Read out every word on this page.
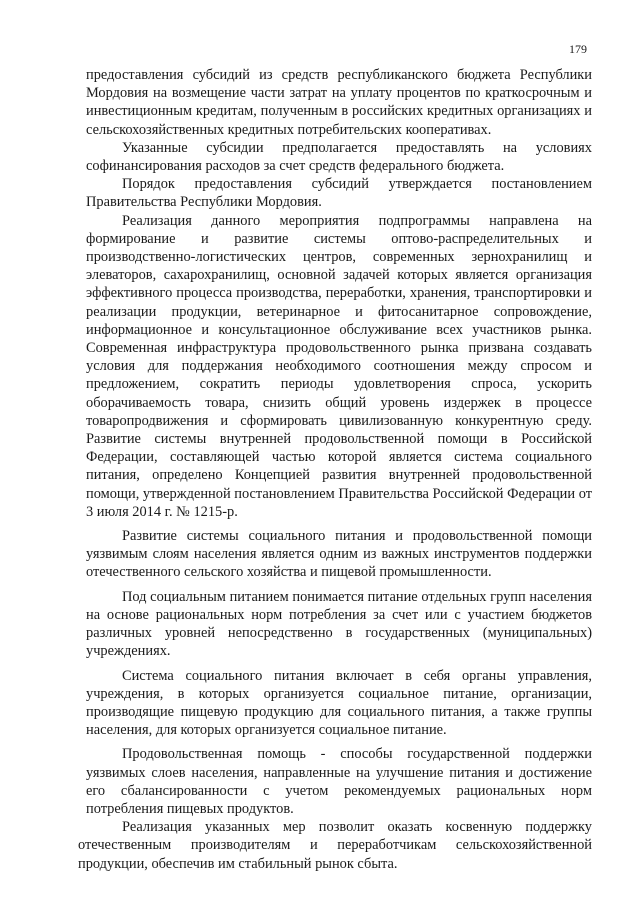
179

предоставления субсидий из средств республиканского бюджета Республики Мордовия на возмещение части затрат на уплату процентов по краткосрочным и инвестиционным кредитам, полученным в российских кредитных организациях и сельскохозяйственных кредитных потребительских кооперативах.

Указанные субсидии предполагается предоставлять на условиях софинансирования расходов за счет средств федерального бюджета.

Порядок предоставления субсидий утверждается постановлением Правительства Республики Мордовия.

Реализация данного мероприятия подпрограммы направлена на формирование и развитие системы оптово-распределительных и производственно-логистических центров, современных зернохранилищ и элеваторов, сахарохранилищ, основной задачей которых является организация эффективного процесса производства, переработки, хранения, транспортировки и реализации продукции, ветеринарное и фитосанитарное сопровождение, информационное и консультационное обслуживание всех участников рынка. Современная инфраструктура продовольственного рынка призвана создавать условия для поддержания необходимого соотношения между спросом и предложением, сократить периоды удовлетворения спроса, ускорить оборачиваемость товара, снизить общий уровень издержек в процессе товаропродвижения и сформировать цивилизованную конкурентную среду. Развитие системы внутренней продовольственной помощи в Российской Федерации, составляющей частью которой является система социального питания, определено Концепцией развития внутренней продовольственной помощи, утвержденной постановлением Правительства Российской Федерации от 3 июля 2014 г. № 1215-р.

Развитие системы социального питания и продовольственной помощи уязвимым слоям населения является одним из важных инструментов поддержки отечественного сельского хозяйства и пищевой промышленности.

Под социальным питанием понимается питание отдельных групп населения на основе рациональных норм потребления за счет или с участием бюджетов различных уровней непосредственно в государственных (муниципальных) учреждениях.

Система социального питания включает в себя органы управления, учреждения, в которых организуется социальное питание, организации, производящие пищевую продукцию для социального питания, а также группы населения, для которых организуется социальное питание.

Продовольственная помощь - способы государственной поддержки уязвимых слоев населения, направленные на улучшение питания и достижение его сбалансированности с учетом рекомендуемых рациональных норм потребления пищевых продуктов.

Реализация указанных мер позволит оказать косвенную поддержку отечественным производителям и переработчикам сельскохозяйственной продукции, обеспечив им стабильный рынок сбыта.
